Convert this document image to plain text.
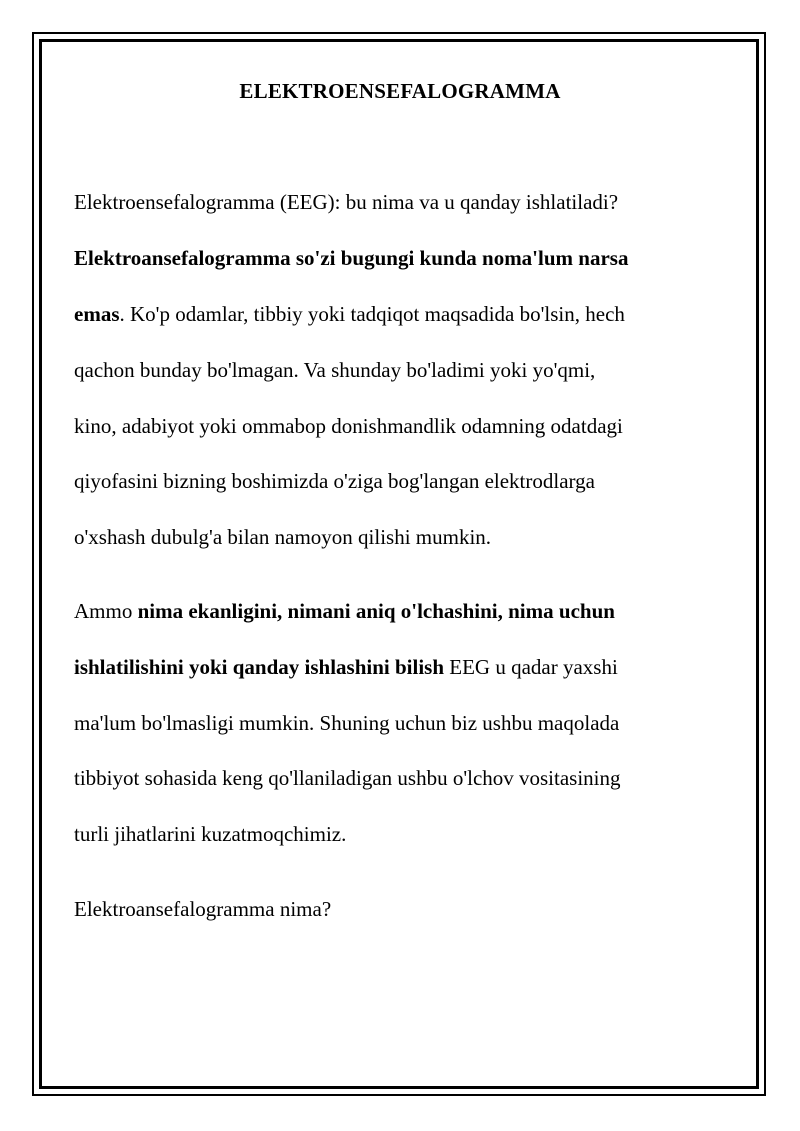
ELEKTROENSEFALOGRAMMA
Elektroensefalogramma (EEG): bu nima va u qanday ishlatiladi?
Elektroansefalogramma so'zi bugungi kunda noma'lum narsa
emas. Ko'p odamlar, tibbiy yoki tadqiqot maqsadida bo'lsin, hech
qachon bunday bo'lmagan. Va shunday bo'ladimi yoki yo'qmi,
kino, adabiyot yoki ommabop donishmandlik odamning odatdagi
qiyofasini bizning boshimizda o'ziga bog'langan elektrodlarga
o'xshash dubulg'a bilan namoyon qilishi mumkin.
Ammo nima ekanligini, nimani aniq o'lchashini, nima uchun
ishlatilishini yoki qanday ishlashini bilish EEG u qadar yaxshi
ma'lum bo'lmasligi mumkin. Shuning uchun biz ushbu maqolada
tibbiyot sohasida keng qo'llaniladigan ushbu o'lchov vositasining
turli jihatlarini kuzatmoqchimiz.
Elektroansefalogramma nima?
